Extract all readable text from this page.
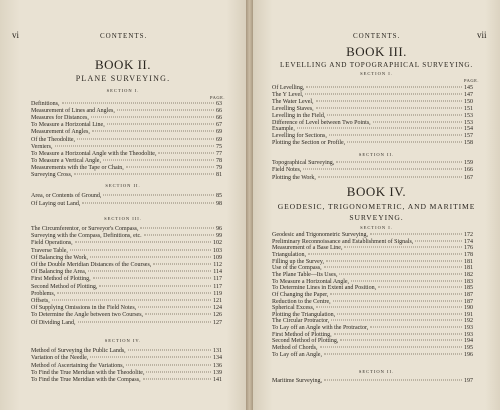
vi	CONTENTS.
BOOK II.
PLANE SURVEYING.
SECTION I.
PAGE.
Definitions,	63
Measurement of Lines and Angles,	66
Measures for Distances,	66
To Measure a Horizontal Line,	67
Measurement of Angles,	69
Of the Theodolite,	69
Verniers,	75
To Measure a Horizontal Angle with the Theodolite,	77
To Measure a Vertical Angle,	78
Measurements with the Tape or Chain,	79
Surveying Cross,	81
SECTION II.
Area, or Contents of Ground,	85
Of Laying out Land,	98
SECTION III.
The Circumferentor, or Surveyor's Compass,	96
Surveying with the Compass, Definitions, etc.	99
Field Operations,	102
Traverse Table,	103
Of Balancing the Work,	109
Of the Double Meridian Distances of the Courses,	112
Of Balancing the Area,	114
First Method of Plotting,	117
Second Method of Plotting,	117
Problems,	119
Offsets,	121
Of Supplying Omissions in the Field Notes,	124
To Determine the Angle between two Courses,	126
Of Dividing Land,	127
SECTION IV.
Method of Surveying the Public Lands,	131
Variation of the Needle,	134
Method of Ascertaining the Variations,	136
To Find the True Meridian with the Theodolite,	139
To Find the True Meridian with the Compass,	141
CONTENTS.	vii
BOOK III.
LEVELLING AND TOPOGRAPHICAL SURVEYING.
SECTION I.
PAGE.
Of Levelling,	145
The Y Level,	147
The Water Level,	150
Levelling Staves,	151
Levelling in the Field,	153
Difference of Level between Two Points,	153
Example,	154
Levelling for Sections,	157
Plotting the Section or Profile,	158
SECTION II.
Topographical Surveying,	159
Field Notes,	166
Plotting the Work,	167
BOOK IV.
GEODESIC, TRIGONOMETRIC, AND MARITIME
SURVEYING.
SECTION I.
Geodesic and Trigonometric Surveying,	172
Preliminary Reconnoissance and Establishment of Signals,	174
Measurement of a Base Line,	176
Triangulation,	178
Filling up the Survey,	181
Use of the Compass,	181
The Plane Table—Its Uses,	182
To Measure a Horizontal Angle,	183
To Determine Lines in Extent and Position,	185
Of Changing the Paper,	187
Reduction to the Centre,	187
Spherical Excess,	190
Plotting the Triangulation,	191
The Circular Protractor,	192
To Lay off an Angle with the Protractor,	193
First Method of Plotting,	193
Second Method of Plotting,	194
Method of Chords,	195
To Lay off an Angle,	196
SECTION II.
Maritime Surveying,	197
